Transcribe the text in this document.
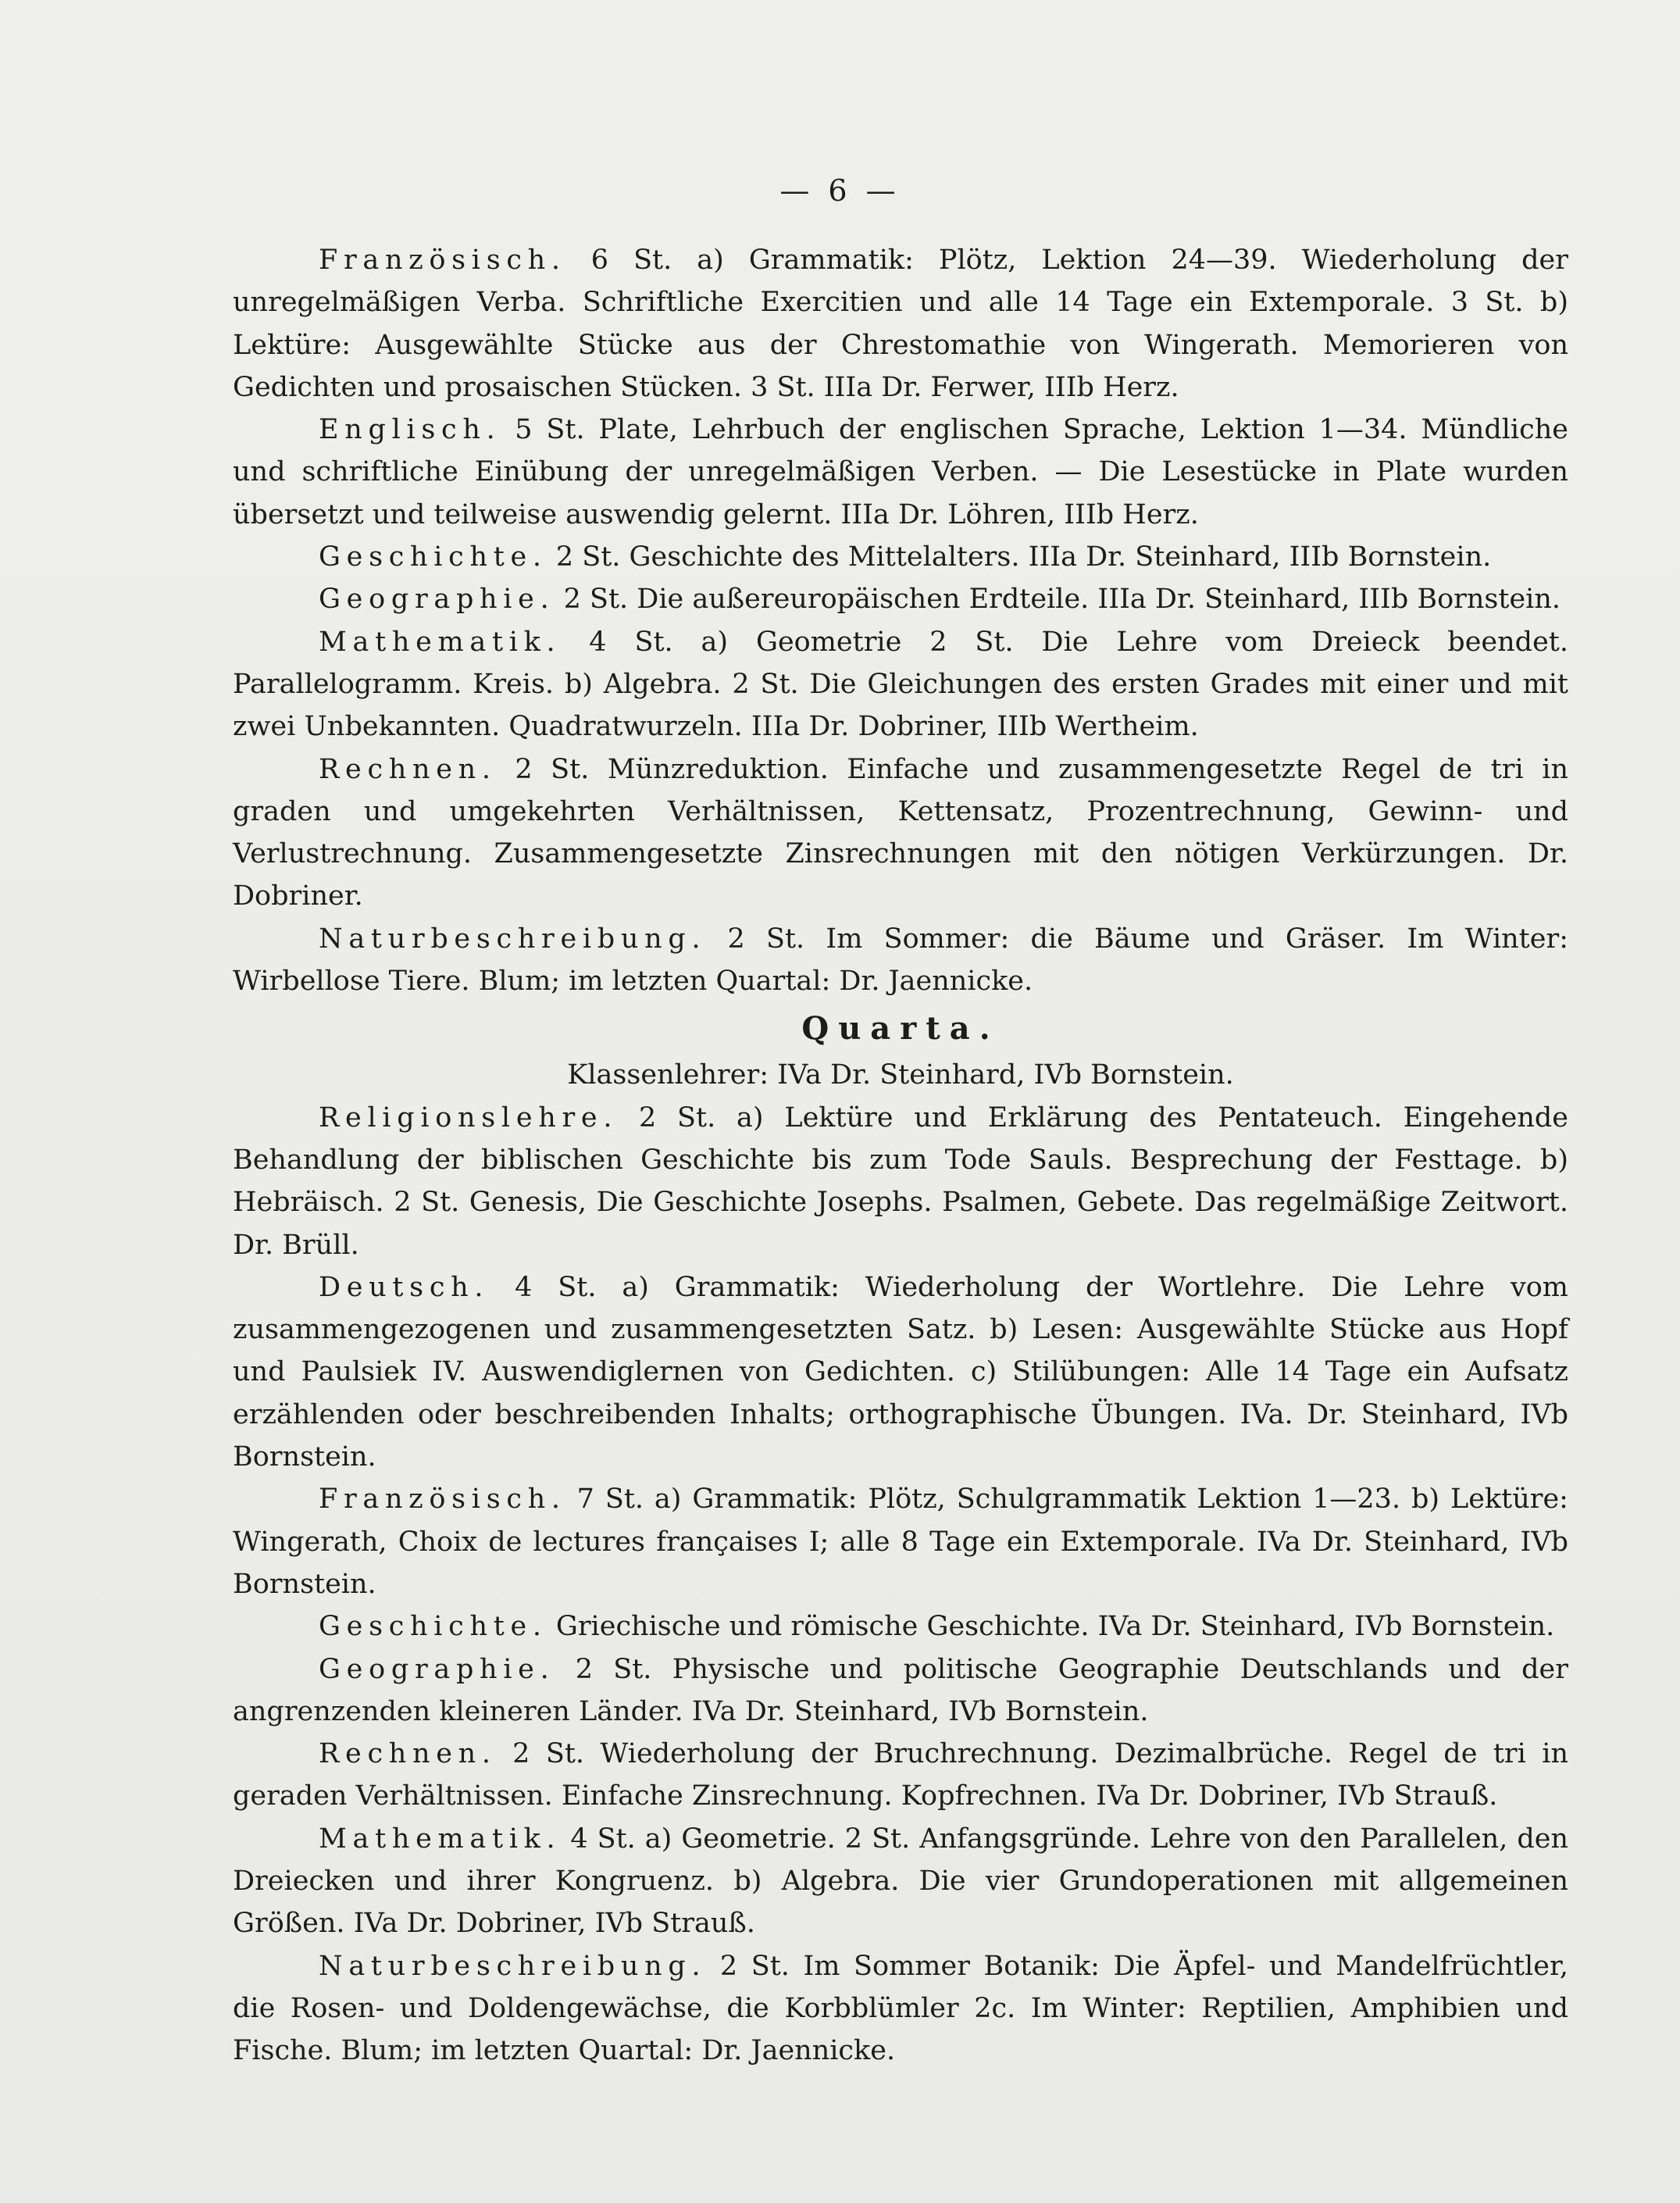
— 6 —

Französisch. 6 St. a) Grammatik: Plötz, Lektion 24—39. Wiederholung der unregelmäßigen Verba. Schriftliche Exercitien und alle 14 Tage ein Extemporale. 3 St. b) Lektüre: Ausgewählte Stücke aus der Chrestomathie von Wingerath. Memorieren von Gedichten und prosaischen Stücken. 3 St. IIIa Dr. Ferwer, IIIb Herz.

Englisch. 5 St. Plate, Lehrbuch der englischen Sprache, Lektion 1—34. Mündliche und schriftliche Einübung der unregelmäßigen Verben. — Die Lesestücke in Plate wurden übersetzt und teilweise auswendig gelernt. IIIa Dr. Löhren, IIIb Herz.

Geschichte. 2 St. Geschichte des Mittelalters. IIIa Dr. Steinhard, IIIb Bornstein.

Geographie. 2 St. Die außereuropäischen Erdteile. IIIa Dr. Steinhard, IIIb Bornstein.

Mathematik. 4 St. a) Geometrie 2 St. Die Lehre vom Dreieck beendet. Parallelogramm. Kreis. b) Algebra. 2 St. Die Gleichungen des ersten Grades mit einer und mit zwei Unbekannten. Quadratwurzeln. IIIa Dr. Dobriner, IIIb Wertheim.

Rechnen. 2 St. Münzreduktion. Einfache und zusammengesetzte Regel de tri in graden und umgekehrten Verhältnissen, Kettensatz, Prozentrechnung, Gewinn- und Verlustrechnung. Zusammengesetzte Zinsrechnungen mit den nötigen Verkürzungen. Dr. Dobriner.

Naturbeschreibung. 2 St. Im Sommer: die Bäume und Gräser. Im Winter: Wirbellose Tiere. Blum; im letzten Quartal: Dr. Jaennicke.

Quarta.
Klassenlehrer: IVa Dr. Steinhard, IVb Bornstein.

Religionslehre. 2 St. a) Lektüre und Erklärung des Pentateuch. Eingehende Behandlung der biblischen Geschichte bis zum Tode Sauls. Besprechung der Festtage. b) Hebräisch. 2 St. Genesis, Die Geschichte Josephs. Psalmen, Gebete. Das regelmäßige Zeitwort. Dr. Brüll.

Deutsch. 4 St. a) Grammatik: Wiederholung der Wortlehre. Die Lehre vom zusammengezogenen und zusammengesetzten Satz. b) Lesen: Ausgewählte Stücke aus Hopf und Paulsiek IV. Auswendiglernen von Gedichten. c) Stilübungen: Alle 14 Tage ein Aufsatz erzählenden oder beschreibenden Inhalts; orthographische Übungen. IVa. Dr. Steinhard, IVb Bornstein.

Französisch. 7 St. a) Grammatik: Plötz, Schulgrammatik Lektion 1—23. b) Lektüre: Wingerath, Choix de lectures françaises I; alle 8 Tage ein Extemporale. IVa Dr. Steinhard, IVb Bornstein.

Geschichte. Griechische und römische Geschichte. IVa Dr. Steinhard, IVb Bornstein.

Geographie. 2 St. Physische und politische Geographie Deutschlands und der angrenzenden kleineren Länder. IVa Dr. Steinhard, IVb Bornstein.

Rechnen. 2 St. Wiederholung der Bruchrechnung. Dezimalbrüche. Regel de tri in geraden Verhältnissen. Einfache Zinsrechnung. Kopfrechnen. IVa Dr. Dobriner, IVb Strauß.

Mathematik. 4 St. a) Geometrie. 2 St. Anfangsgründe. Lehre von den Parallelen, den Dreiecken und ihrer Kongruenz. b) Algebra. Die vier Grundoperationen mit allgemeinen Größen. IVa Dr. Dobriner, IVb Strauß.

Naturbeschreibung. 2 St. Im Sommer Botanik: Die Äpfel- und Mandelfrüchtler, die Rosen- und Doldengewächse, die Korbblümler 2c. Im Winter: Reptilien, Amphibien und Fische. Blum; im letzten Quartal: Dr. Jaennicke.
